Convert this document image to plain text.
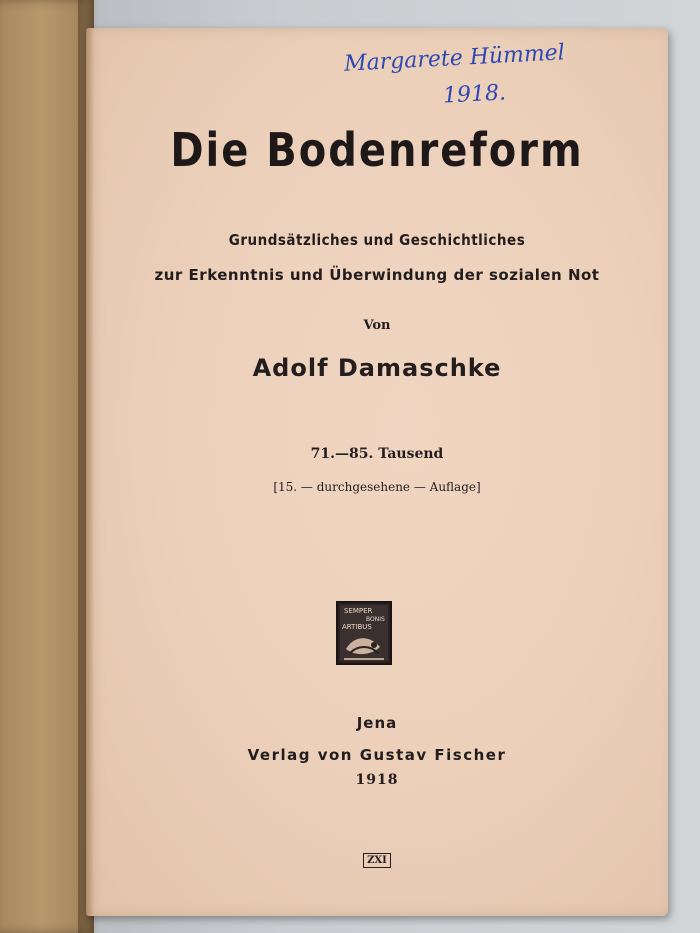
Margarete Hümmel
1918.
Die Bodenreform
Grundsätzliches und Geschichtliches
zur Erkenntnis und Überwindung der sozialen Not
Von
Adolf Damaschke
71.—85. Tausend
[15. — durchgesehene — Auflage]
SEMPER
BONIS
ARTIBUS
Jena
Verlag von Gustav Fischer
1918
ZXI
